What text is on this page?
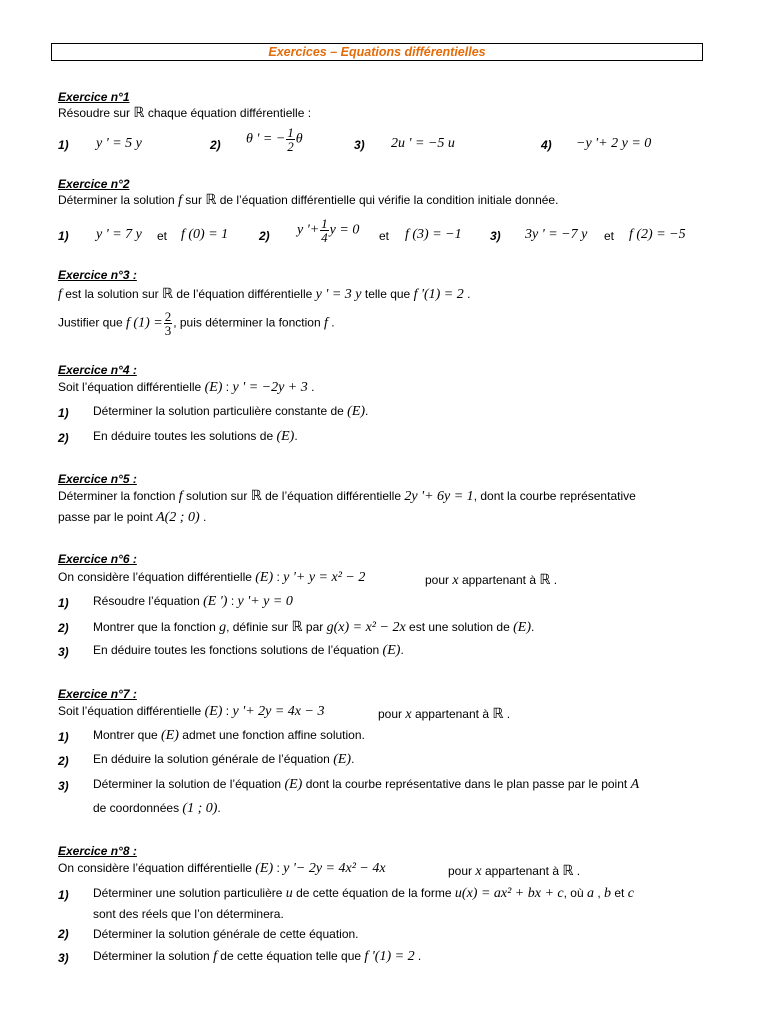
Exercices – Equations différentielles
Exercice n°1
Résoudre sur ℝ chaque équation différentielle :
1) y ' = 5 y	2) θ ' = − $\frac{1}{2}$ θ	3) 2u ' = −5 u	4) −y '+ 2 y = 0
Exercice n°2
Déterminer la solution f sur ℝ de l’équation différentielle qui vérifie la condition initiale donnée.
1) y ' = 7 y et f (0) = 1	2) y '+ $\frac{1}{4}$ y = 0 et f (3) = −1 3) 3y ' = −7 y et f (2) = −5
Exercice n°3 :
f est la solution sur ℝ de l’équation différentielle y ' = 3 y telle que f '(1) = 2 .
Justifier que f $(1) = \frac{2}{3}$ , puis déterminer la fonction f .
Exercice n°4 :
Soit l’équation différentielle (E) : y ' = −2y + 3 .
1) Déterminer la solution particulière constante de (E).
2) En déduire toutes les solutions de (E).
Exercice n°5 :
Déterminer la fonction f solution sur ℝ de l’équation différentielle 2y '+ 6y = 1, dont la courbe représentative
passe par le point A(2 ; 0) .
Exercice n°6 :
On considère l’équation différentielle (E) : y '+ y = x² − 2	pour x appartenant à ℝ .
1) Résoudre l’équation (E ') : y '+ y = 0
2) Montrer que la fonction g, définie sur ℝ par g(x) = x² − 2x est une solution de (E).
3) En déduire toutes les fonctions solutions de l’équation (E).
Exercice n°7 :
Soit l’équation différentielle (E) : y '+ 2y = 4x − 3	pour x appartenant à ℝ .
1) Montrer que (E) admet une fonction affine solution.
2) En déduire la solution générale de l’équation (E).
3) Déterminer la solution de l’équation (E) dont la courbe représentative dans le plan passe par le point A
de coordonnées (1 ; 0).
Exercice n°8 :
On considère l’équation différentielle (E) : y '− 2y = 4x² − 4x	pour x appartenant à ℝ .
1) Déterminer une solution particulière u de cette équation de la forme u(x) = ax² + bx + c, où a , b et c
sont des réels que l’on déterminera.
2) Déterminer la solution générale de cette équation.
3) Déterminer la solution f de cette équation telle que f '(1) = 2 .
